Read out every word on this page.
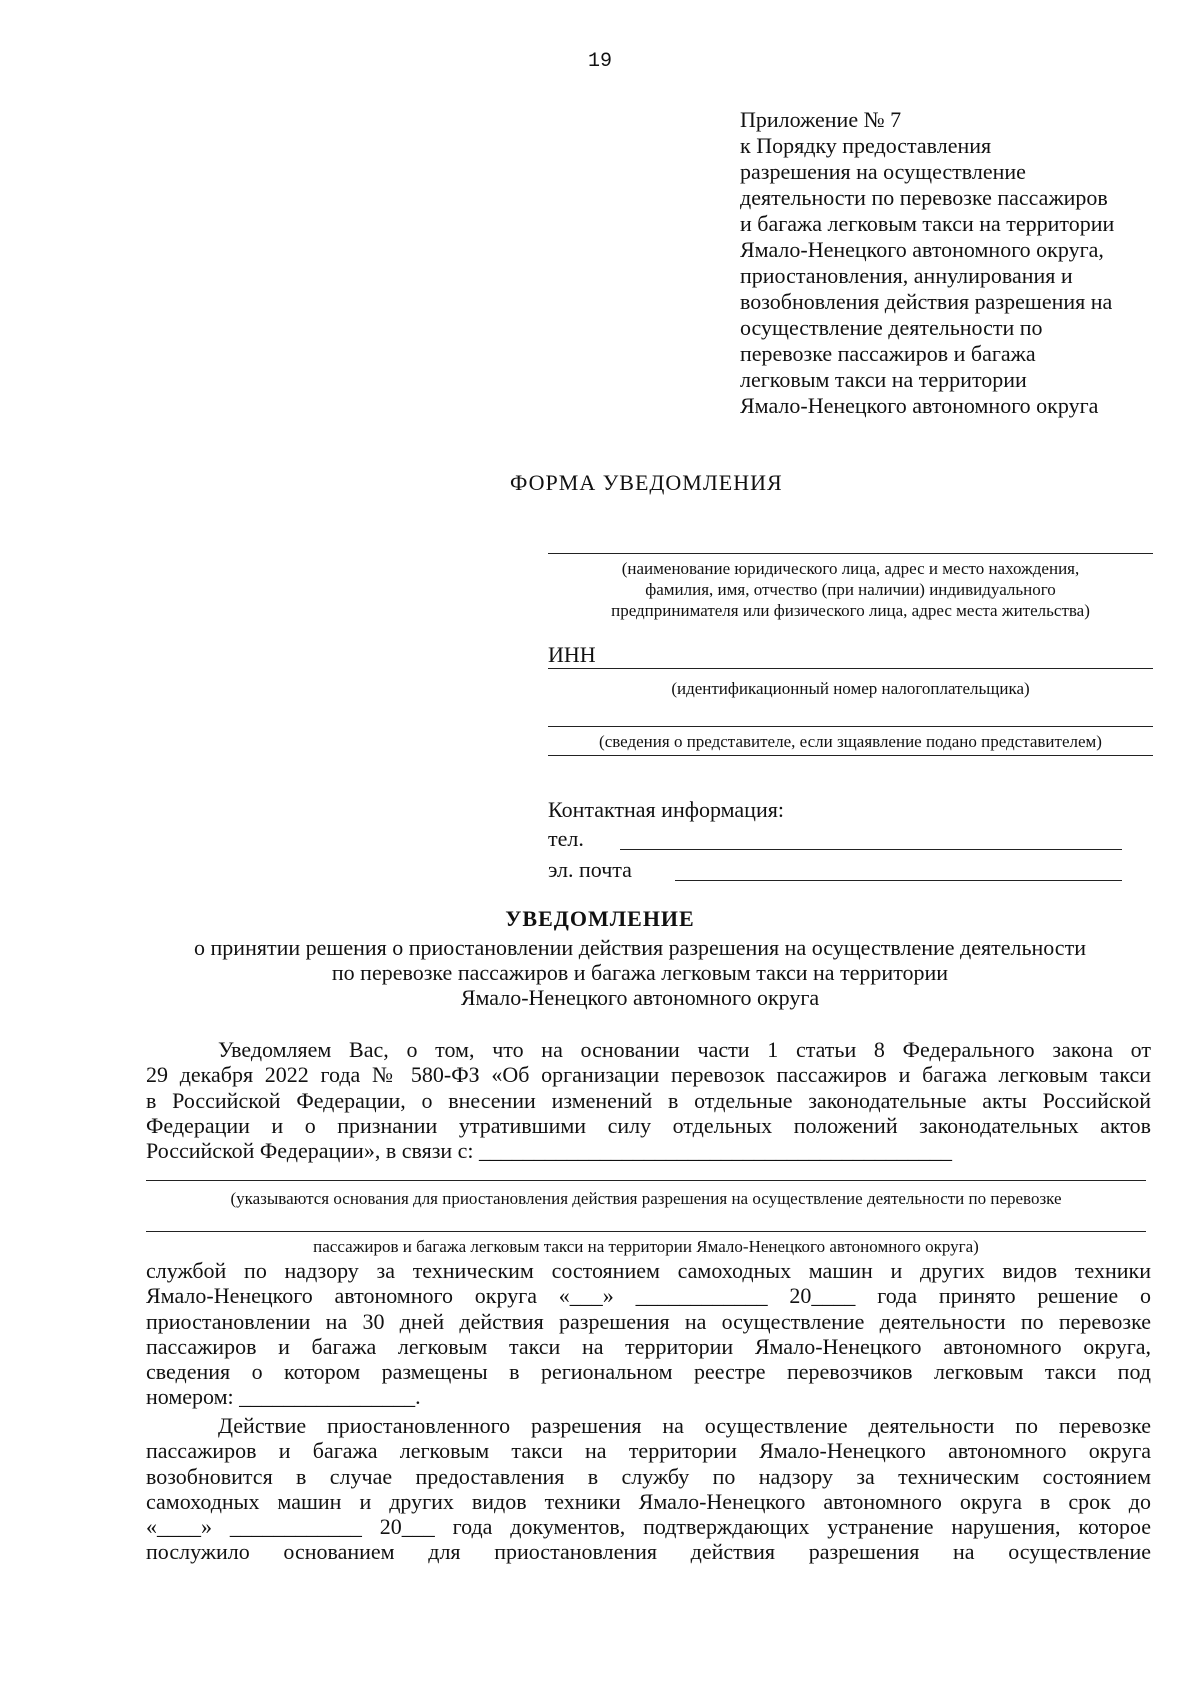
19
Приложение № 7
к Порядку предоставления
разрешения на осуществление
деятельности по перевозке пассажиров
и багажа легковым такси на территории
Ямало-Ненецкого автономного округа,
приостановления, аннулирования и
возобновления действия разрешения на
осуществление деятельности по
перевозке пассажиров и багажа
легковым такси на территории
Ямало-Ненецкого автономного округа
ФОРМА УВЕДОМЛЕНИЯ
(наименование юридического лица, адрес и место нахождения,
фамилия, имя, отчество (при наличии) индивидуального
предпринимателя или физического лица, адрес места жительства)
ИНН
(идентификационный номер налогоплательщика)
(сведения о представителе, если зщаявление подано представителем)
Контактная информация:
тел.
эл. почта
УВЕДОМЛЕНИЕ
о принятии решения о приостановлении действия разрешения на осуществление деятельности
по перевозке пассажиров и багажа легковым такси на территории
Ямало-Ненецкого автономного округа
Уведомляем Вас, о том, что на основании части 1 статьи 8 Федерального закона от
29 декабря 2022 года № 580-ФЗ «Об организации перевозок пассажиров и багажа легковым такси
в Российской Федерации, о внесении изменений в отдельные законодательные акты Российской
Федерации и о признании утратившими силу отдельных положений законодательных актов
Российской Федерации», в связи с: ___________________________________________
(указываются основания для приостановления действия разрешения на осуществление деятельности по перевозке
пассажиров и багажа легковым такси на территории Ямало-Ненецкого автономного округа)
службой по надзору за техническим состоянием самоходных машин и других видов техники
Ямало-Ненецкого автономного округа «___» ____________ 20____ года принято решение о
приостановлении на 30 дней действия разрешения на осуществление деятельности по перевозке
пассажиров и багажа легковым такси на территории Ямало-Ненецкого автономного округа,
сведения о котором размещены в региональном реестре перевозчиков легковым такси под
номером: ________________.
Действие приостановленного разрешения на осуществление деятельности по перевозке
пассажиров и багажа легковым такси на территории Ямало-Ненецкого автономного округа
возобновится в случае предоставления в службу по надзору за техническим состоянием
самоходных машин и других видов техники Ямало-Ненецкого автономного округа в срок до
«____» ____________ 20___ года документов, подтверждающих устранение нарушения, которое
послужило основанием для приостановления действия разрешения на осуществление
